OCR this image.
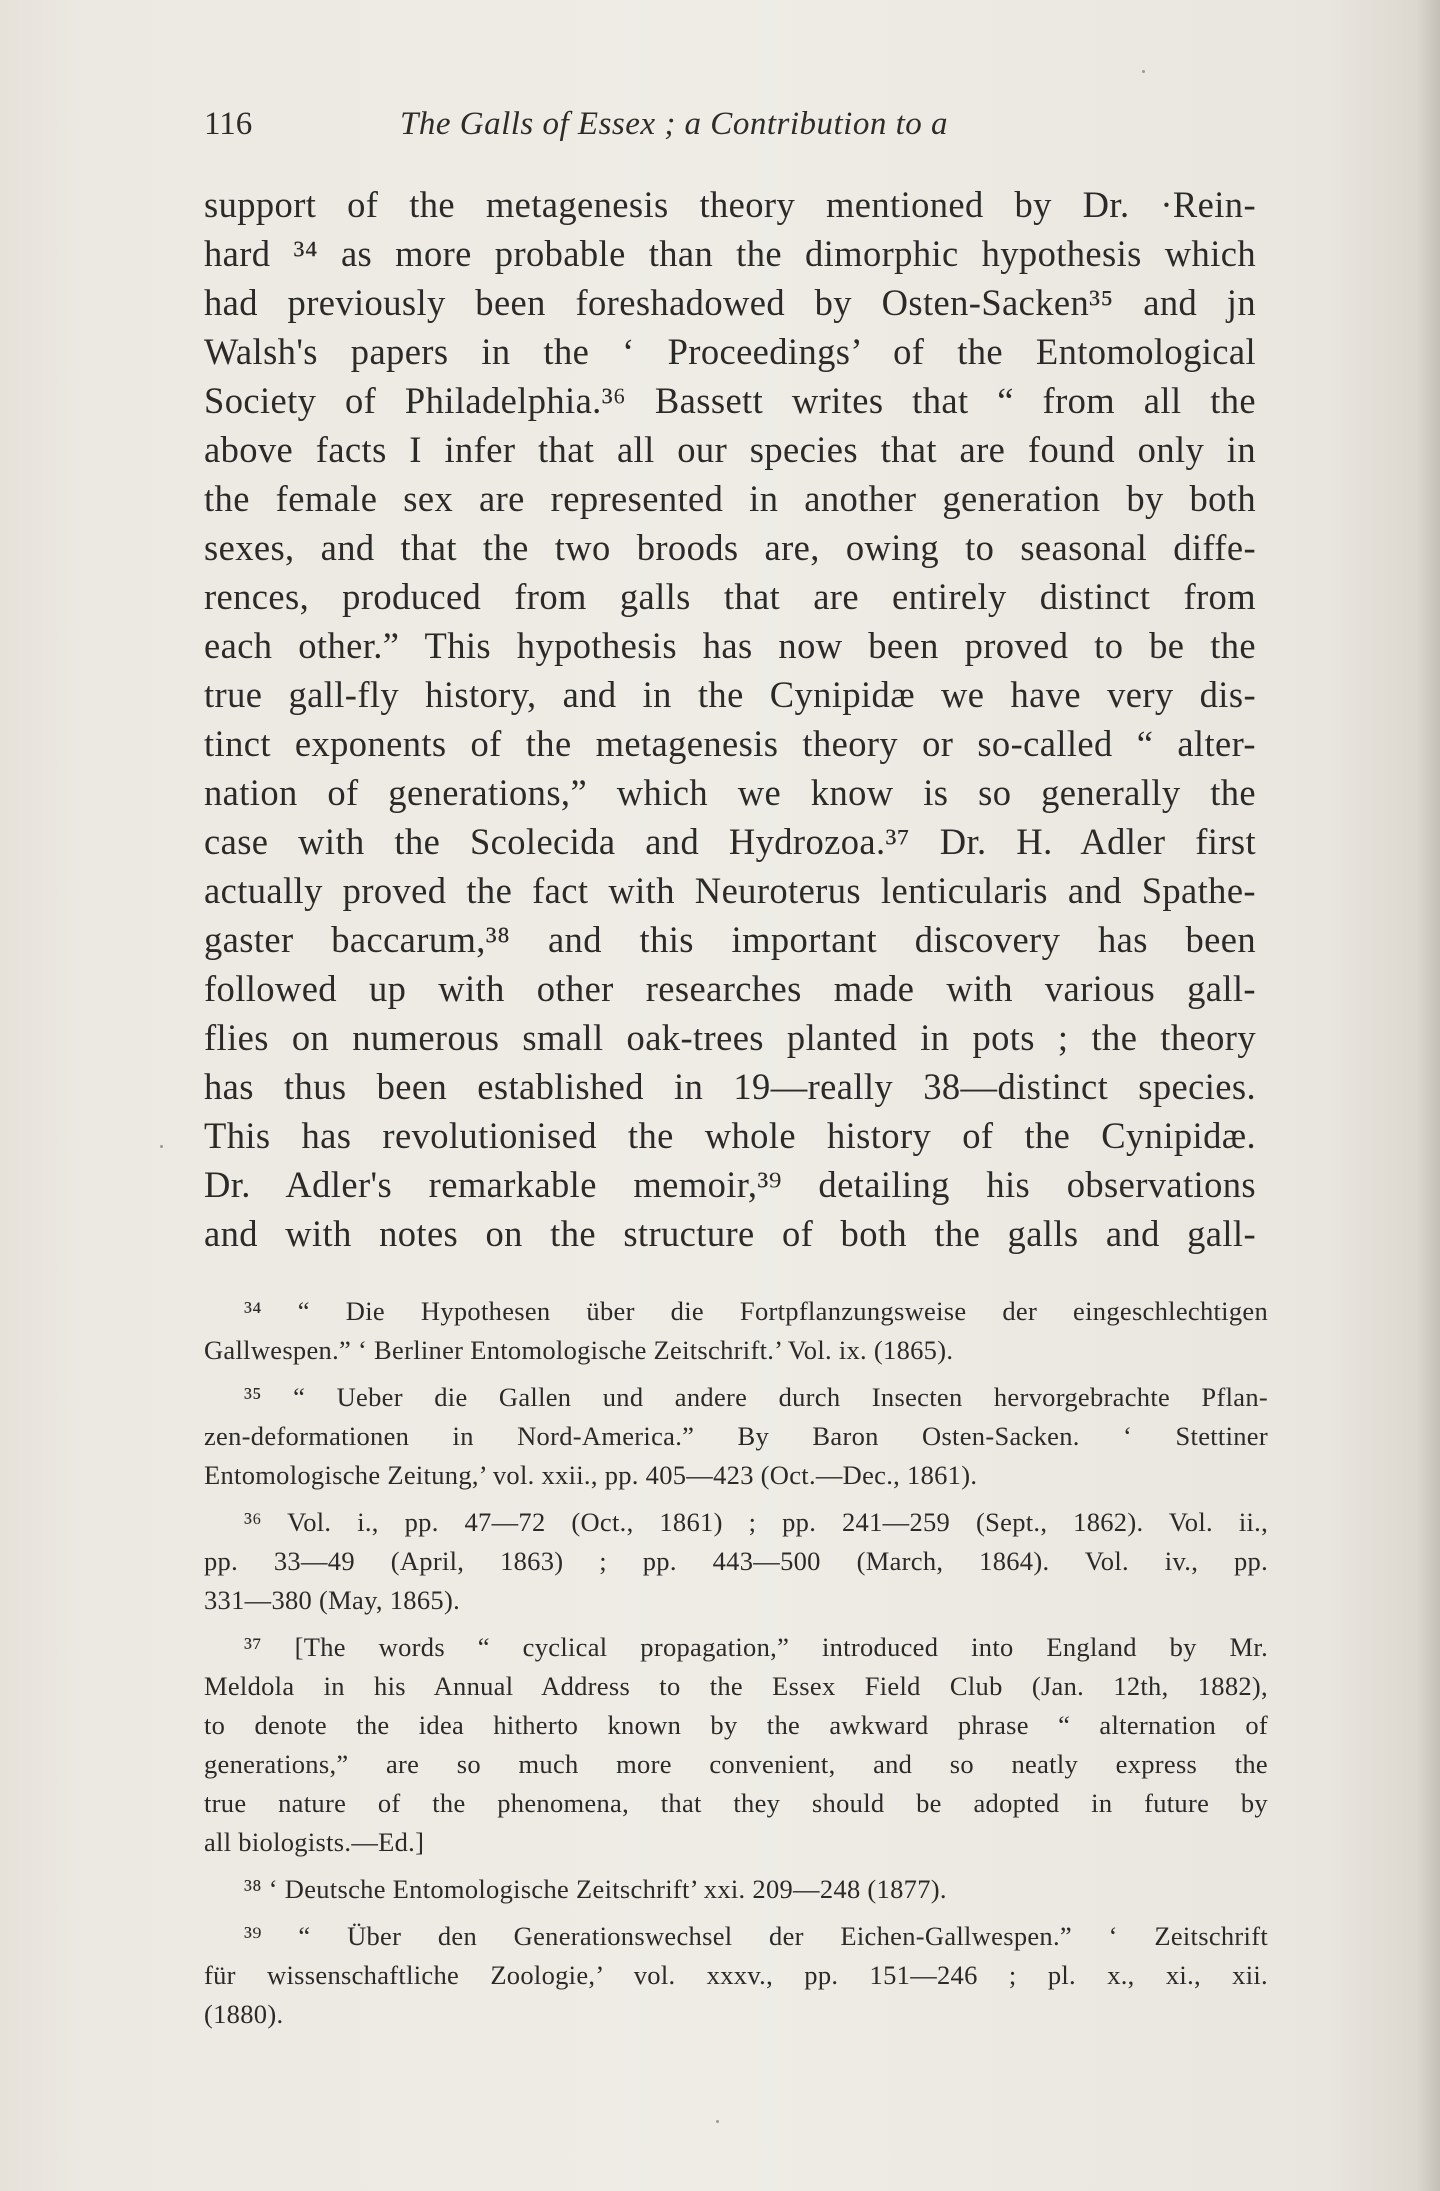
116	The Galls of Essex ; a Contribution to a
support of the metagenesis theory mentioned by Dr. ·Rein-
hard ³⁴ as more probable than the dimorphic hypothesis which
had previously been foreshadowed by Osten-Sacken³⁵ and jn
Walsh's papers in the ‘ Proceedings’ of the Entomological
Society of Philadelphia.³⁶ Bassett writes that “ from all the
above facts I infer that all our species that are found only in
the female sex are represented in another generation by both
sexes, and that the two broods are, owing to seasonal diffe-
rences, produced from galls that are entirely distinct from
each other.” This hypothesis has now been proved to be the
true gall-fly history, and in the Cynipidæ we have very dis-
tinct exponents of the metagenesis theory or so-called “ alter-
nation of generations,” which we know is so generally the
case with the Scolecida and Hydrozoa.³⁷ Dr. H. Adler first
actually proved the fact with Neuroterus lenticularis and Spathe-
gaster baccarum,³⁸ and this important discovery has been
followed up with other researches made with various gall-
flies on numerous small oak-trees planted in pots ; the theory
has thus been established in 19—really 38—distinct species.
This has revolutionised the whole history of the Cynipidæ.
Dr. Adler's remarkable memoir,³⁹ detailing his observations
and with notes on the structure of both the galls and gall-
³⁴ “ Die Hypothesen über die Fortpflanzungsweise der eingeschlechtigen
Gallwespen.” ‘ Berliner Entomologische Zeitschrift.’ Vol. ix. (1865).
³⁵ “ Ueber die Gallen und andere durch Insecten hervorgebrachte Pflan-
zen-deformationen in Nord-America.” By Baron Osten-Sacken. ‘ Stettiner
Entomologische Zeitung,’ vol. xxii., pp. 405—423 (Oct.—Dec., 1861).
³⁶ Vol. i., pp. 47—72 (Oct., 1861) ; pp. 241—259 (Sept., 1862). Vol. ii.,
pp. 33—49 (April, 1863) ; pp. 443—500 (March, 1864). Vol. iv., pp.
331—380 (May, 1865).
³⁷ [The words “ cyclical propagation,” introduced into England by Mr.
Meldola in his Annual Address to the Essex Field Club (Jan. 12th, 1882),
to denote the idea hitherto known by the awkward phrase “ alternation of
generations,” are so much more convenient, and so neatly express the
true nature of the phenomena, that they should be adopted in future by
all biologists.—Ed.]
³⁸ ‘ Deutsche Entomologische Zeitschrift’ xxi. 209—248 (1877).
³⁹ “ Über den Generationswechsel der Eichen-Gallwespen.” ‘ Zeitschrift
für wissenschaftliche Zoologie,’ vol. xxxv., pp. 151—246 ; pl. x., xi., xii.
(1880).
